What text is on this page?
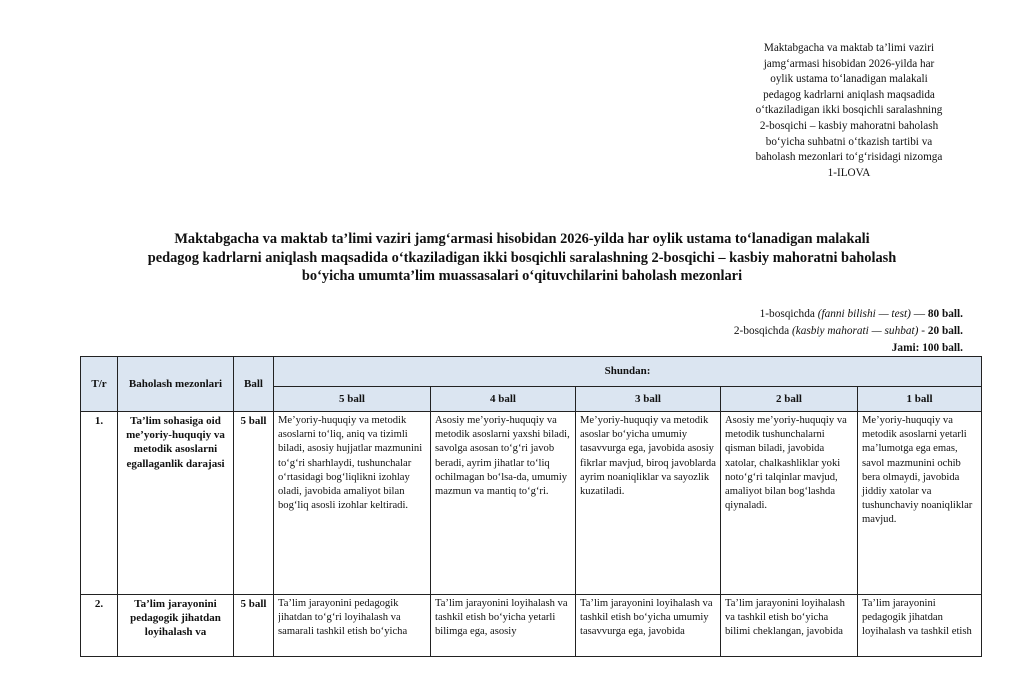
Maktabgacha va maktab ta’limi vaziri
jamg‘armasi hisobidan 2026-yilda har
oylik ustama to‘lanadigan malakali
pedagog kadrlarni aniqlash maqsadida
o‘tkaziladigan ikki bosqichli saralashning
2-bosqichi – kasbiy mahoratni baholash
bo‘yicha suhbatni o‘tkazish tartibi va
baholash mezonlari to‘g‘risidagi nizomga
1-ILOVA
Maktabgacha va maktab ta’limi vaziri jamg‘armasi hisobidan 2026-yilda har oylik ustama to‘lanadigan malakali
pedagog kadrlarni aniqlash maqsadida o‘tkaziladigan ikki bosqichli saralashning 2-bosqichi – kasbiy mahoratni baholash
bo‘yicha umumta’lim muassasalari o‘qituvchilarini baholash mezonlari
1-bosqichda (fanni bilishi — test) — 80 ball.
2-bosqichda (kasbiy mahorati — suhbat) - 20 ball.
Jami: 100 ball.
T/r	Baholash mezonlari	Ball	Shundan:				
			5 ball	4 ball	3 ball	2 ball	1 ball
1.	Ta’lim sohasiga oid me’yoriy-huquqiy va metodik asoslarni egallaganlik darajasi	5 ball	Me’yoriy-huquqiy va metodik asoslarni to‘liq, aniq va tizimli biladi, asosiy hujjatlar mazmunini to‘g‘ri sharhlaydi, tushunchalar o‘rtasidagi bog‘liqlikni izohlay oladi, javobida amaliyot bilan bog‘liq asosli izohlar keltiradi.	Asosiy me’yoriy-huquqiy va metodik asoslarni yaxshi biladi, savolga asosan to‘g‘ri javob beradi, ayrim jihatlar to‘liq ochilmagan bo‘lsa-da, umumiy mazmun va mantiq to‘g‘ri.	Me’yoriy-huquqiy va metodik asoslar bo‘yicha umumiy tasavvurga ega, javobida asosiy fikrlar mavjud, biroq javoblarda ayrim noaniqliklar va sayozlik kuzatiladi.	Asosiy me’yoriy-huquqiy va metodik tushunchalarni qisman biladi, javobida xatolar, chalkashliklar yoki noto‘g‘ri talqinlar mavjud, amaliyot bilan bog‘lashda qiynaladi.	Me’yoriy-huquqiy va metodik asoslarni yetarli ma’lumotga ega emas, savol mazmunini ochib bera olmaydi, javobida jiddiy xatolar va tushunchaviy noaniqliklar mavjud.

2.	Ta’lim jarayonini pedagogik jihatdan loyihalash va	5 ball	Ta’lim jarayonini pedagogik jihatdan to‘g‘ri loyihalash va samarali tashkil etish bo‘yicha	Ta’lim jarayonini loyihalash va tashkil etish bo‘yicha yetarli bilimga ega, asosiy	Ta’lim jarayonini loyihalash va tashkil etish bo‘yicha umumiy tasavvurga ega, javobida	Ta’lim jarayonini loyihalash va tashkil etish bo‘yicha bilimi cheklangan, javobida	Ta’lim jarayonini pedagogik jihatdan loyihalash va tashkil etish
